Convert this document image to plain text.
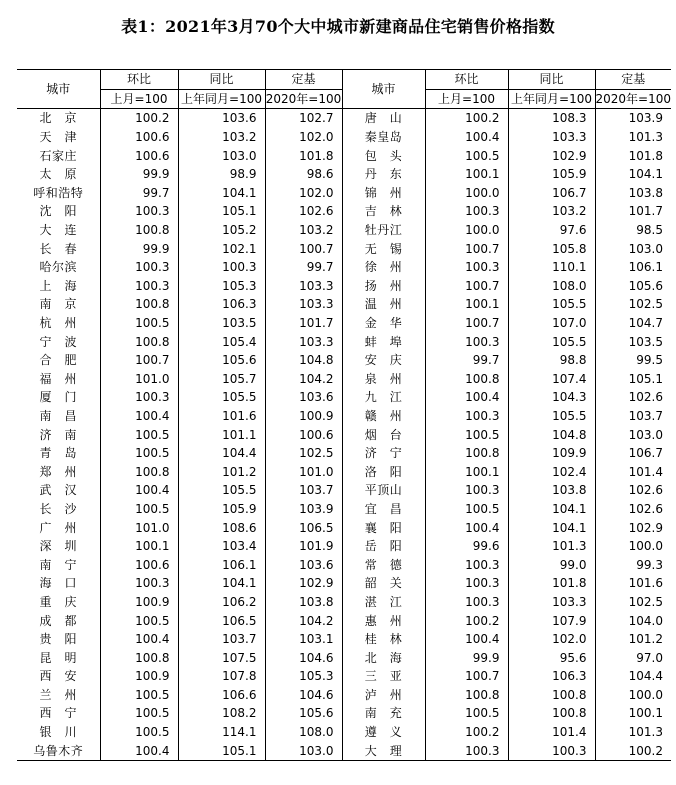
表1：2021年3月70个大中城市新建商品住宅销售价格指数
城市	环比	同比	定基	城市	环比	同比	定基
	上月=100	上年同月=100	2020年=100		上月=100	上年同月=100	2020年=100
北　京	100.2	103.6	102.7	唐　山	100.2	108.3	103.9
天　津	100.6	103.2	102.0	秦皇岛	100.4	103.3	101.3
石家庄	100.6	103.0	101.8	包　头	100.5	102.9	101.8
太　原	99.9	98.9	98.6	丹　东	100.1	105.9	104.1
呼和浩特	99.7	104.1	102.0	锦　州	100.0	106.7	103.8
沈　阳	100.3	105.1	102.6	吉　林	100.3	103.2	101.7
大　连	100.8	105.2	103.2	牡丹江	100.0	97.6	98.5
长　春	99.9	102.1	100.7	无　锡	100.7	105.8	103.0
哈尔滨	100.3	100.3	99.7	徐　州	100.3	110.1	106.1
上　海	100.3	105.3	103.3	扬　州	100.7	108.0	105.6
南　京	100.8	106.3	103.3	温　州	100.1	105.5	102.5
杭　州	100.5	103.5	101.7	金　华	100.7	107.0	104.7
宁　波	100.8	105.4	103.3	蚌　埠	100.3	105.5	103.5
合　肥	100.7	105.6	104.8	安　庆	99.7	98.8	99.5
福　州	101.0	105.7	104.2	泉　州	100.8	107.4	105.1
厦　门	100.3	105.5	103.6	九　江	100.4	104.3	102.6
南　昌	100.4	101.6	100.9	赣　州	100.3	105.5	103.7
济　南	100.5	101.1	100.6	烟　台	100.5	104.8	103.0
青　岛	100.5	104.4	102.5	济　宁	100.8	109.9	106.7
郑　州	100.8	101.2	101.0	洛　阳	100.1	102.4	101.4
武　汉	100.4	105.5	103.7	平顶山	100.3	103.8	102.6
长　沙	100.5	105.9	103.9	宜　昌	100.5	104.1	102.6
广　州	101.0	108.6	106.5	襄　阳	100.4	104.1	102.9
深　圳	100.1	103.4	101.9	岳　阳	99.6	101.3	100.0
南　宁	100.6	106.1	103.6	常　德	100.3	99.0	99.3
海　口	100.3	104.1	102.9	韶　关	100.3	101.8	101.6
重　庆	100.9	106.2	103.8	湛　江	100.3	103.3	102.5
成　都	100.5	106.5	104.2	惠　州	100.2	107.9	104.0
贵　阳	100.4	103.7	103.1	桂　林	100.4	102.0	101.2
昆　明	100.8	107.5	104.6	北　海	99.9	95.6	97.0
西　安	100.9	107.8	105.3	三　亚	100.7	106.3	104.4
兰　州	100.5	106.6	104.6	泸　州	100.8	100.8	100.0
西　宁	100.5	108.2	105.6	南　充	100.5	100.8	100.1
银　川	100.5	114.1	108.0	遵　义	100.2	101.4	101.3
乌鲁木齐	100.4	105.1	103.0	大　理	100.3	100.3	100.2
